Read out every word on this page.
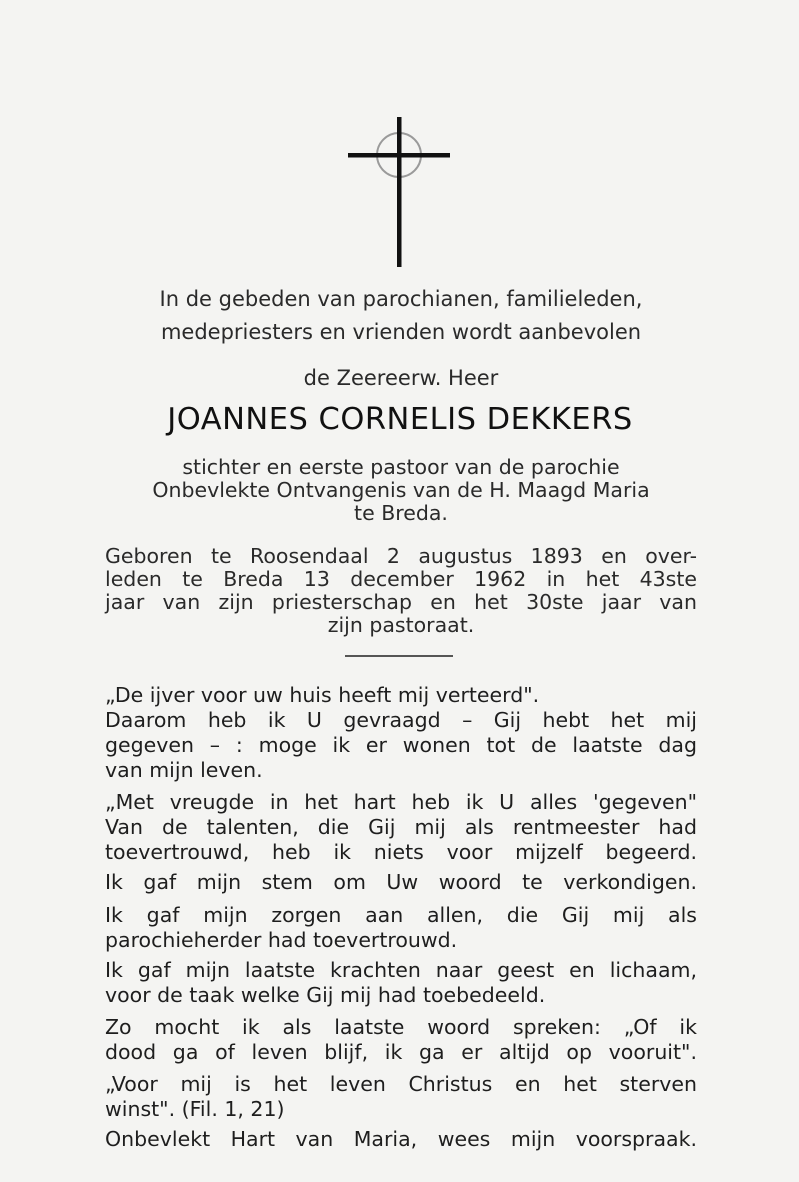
In de gebeden van parochianen, familieleden,
medepriesters en vrienden wordt aanbevolen
de Zeereerw. Heer
JOANNES CORNELIS DEKKERS
stichter en eerste pastoor van de parochie
Onbevlekte Ontvangenis van de H. Maagd Maria
te Breda.
Geboren te Roosendaal 2 augustus 1893 en over-
leden te Breda 13 december 1962 in het 43ste
jaar van zijn priesterschap en het 30ste jaar van
zijn pastoraat.
„De ijver voor uw huis heeft mij verteerd".
Daarom heb ik U gevraagd – Gij hebt het mij
gegeven – : moge ik er wonen tot de laatste dag
van mijn leven.
„Met vreugde in het hart heb ik U alles 'gegeven"
Van de talenten, die Gij mij als rentmeester had
toevertrouwd, heb ik niets voor mijzelf begeerd.
Ik gaf mijn stem om Uw woord te verkondigen.
Ik gaf mijn zorgen aan allen, die Gij mij als
parochieherder had toevertrouwd.
Ik gaf mijn laatste krachten naar geest en lichaam,
voor de taak welke Gij mij had toebedeeld.
Zo mocht ik als laatste woord spreken: „Of ik
dood ga of leven blijf, ik ga er altijd op vooruit".
„Voor mij is het leven Christus en het sterven
winst". (Fil. 1, 21)
Onbevlekt Hart van Maria, wees mijn voorspraak.
